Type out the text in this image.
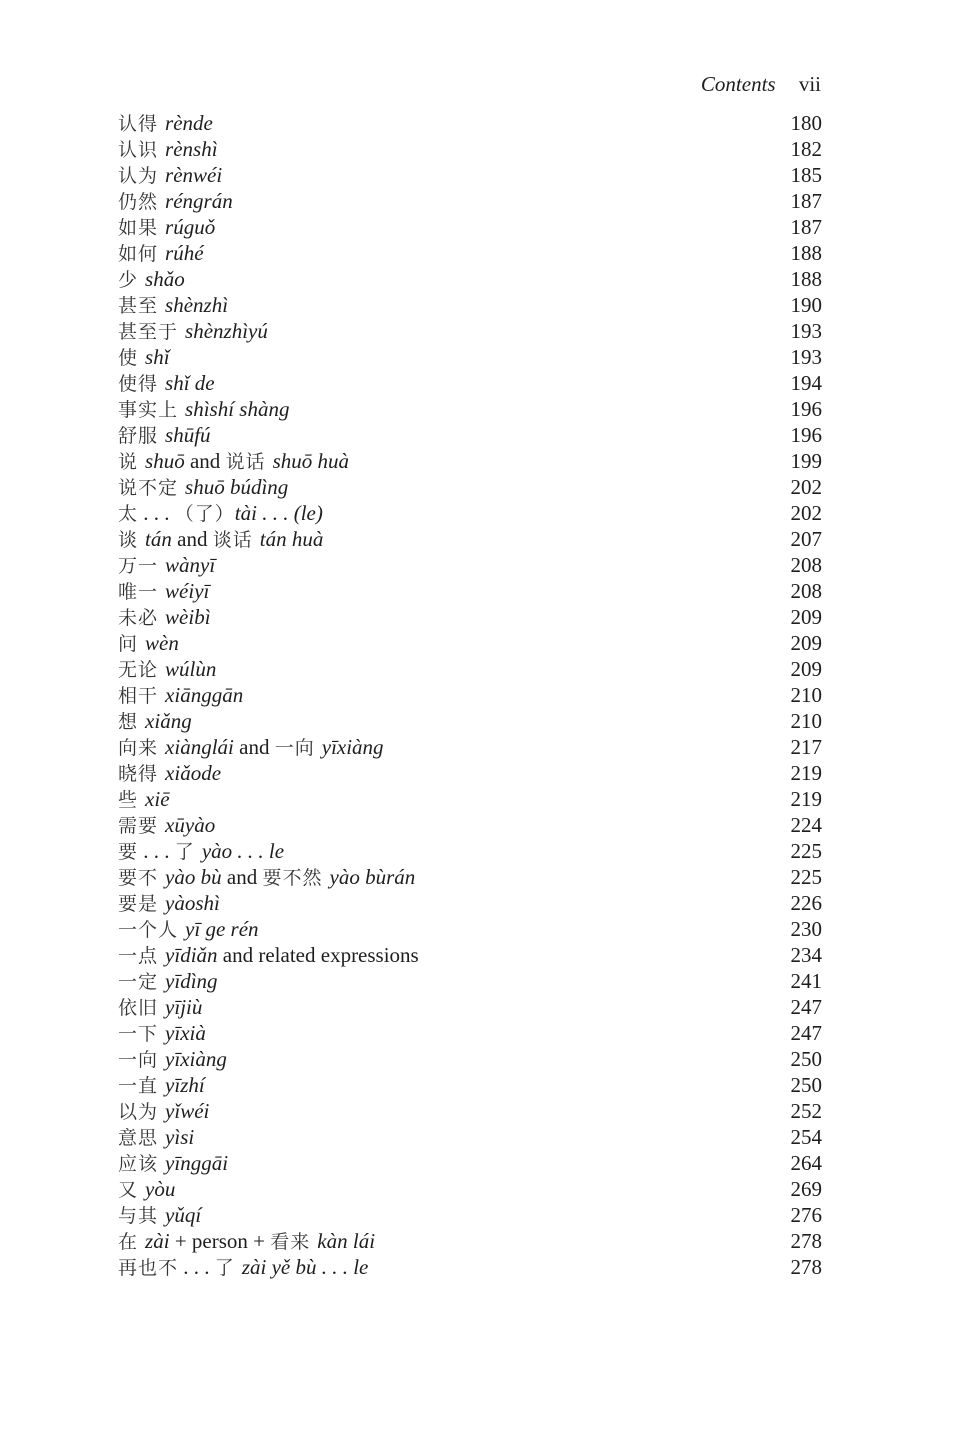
Contents vii
认得 rènde	180
认识 rènshì	182
认为 rènwéi	185
仍然 réngrán	187
如果 rúguǒ	187
如何 rúhé	188
少 shǎo	188
甚至 shènzhì	190
甚至于 shènzhìyú	193
使 shǐ	193
使得 shǐ de	194
事实上 shìshí shàng	196
舒服 shūfú	196
说 shuō and 说话 shuō huà	199
说不定 shuō búdìng	202
太 . . . （了）tài . . . (le)	202
谈 tán and 谈话 tán huà	207
万一 wànyī	208
唯一 wéiyī	208
未必 wèibì	209
问 wèn	209
无论 wúlùn	209
相干 xiānggān	210
想 xiǎng	210
向来 xiànglái and 一向 yīxiàng	217
晓得 xiǎode	219
些 xiē	219
需要 xūyào	224
要 . . . 了 yào . . . le	225
要不 yào bù and 要不然 yào bùrán	225
要是 yàoshì	226
一个人 yī ge rén	230
一点 yīdiǎn and related expressions	234
一定 yīdìng	241
依旧 yījiù	247
一下 yīxià	247
一向 yīxiàng	250
一直 yīzhí	250
以为 yǐwéi	252
意思 yìsi	254
应该 yīnggāi	264
又 yòu	269
与其 yǔqí	276
在 zài + person + 看来 kàn lái	278
再也不 . . . 了 zài yě bù . . . le	278
